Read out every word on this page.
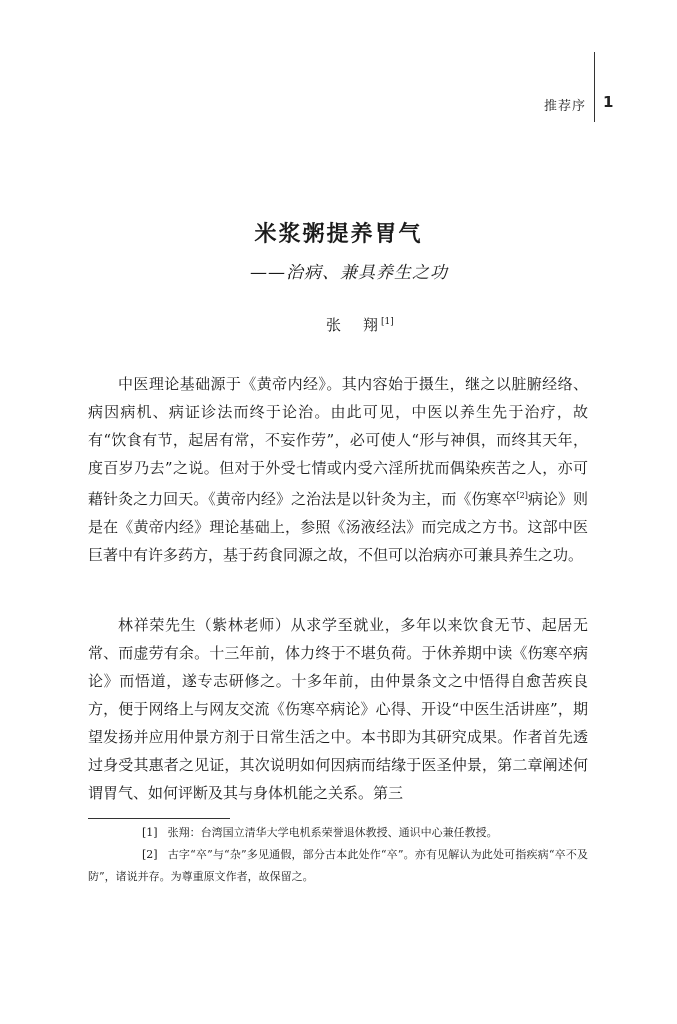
推荐序 1
米浆粥提养胃气
——治病、兼具养生之功
张 翔 [1]

中医理论基础源于《黄帝内经》。其内容始于摄生，继之以脏腑经络、病因病机、病证诊法而终于论治。由此可见，中医以养生先于治疗，故有“饮食有节，起居有常，不妄作劳”，必可使人“形与神俱，而终其天年，度百岁乃去”之说。但对于外受七情或内受六淫所扰而偶染疾苦之人，亦可藉针灸之力回天。《黄帝内经》之治法是以针灸为主，而《伤寒卒[2]病论》则是在《黄帝内经》理论基础上，参照《汤液经法》而完成之方书。这部中医巨著中有许多药方，基于药食同源之故，不但可以治病亦可兼具养生之功。

林祥荣先生（紫林老师）从求学至就业，多年以来饮食无节、起居无常、而虚劳有余。十三年前，体力终于不堪负荷。于休养期中读《伤寒卒病论》而悟道，遂专志研修之。十多年前，由仲景条文之中悟得自愈苦疾良方，便于网络上与网友交流《伤寒卒病论》心得、开设“中医生活讲座”，期望发扬并应用仲景方剂于日常生活之中。本书即为其研究成果。作者首先透过身受其惠者之见证，其次说明如何因病而结缘于医圣仲景，第二章阐述何谓胃气、如何评断及其与身体机能之关系。第三

[1] 张翔：台湾国立清华大学电机系荣誉退休教授、通识中心兼任教授。

[2] 古字“卒”与“杂”多见通假，部分古本此处作“卒”。亦有见解认为此处可指疾病“卒不及防”，诸说并存。为尊重原文作者，故保留之。
